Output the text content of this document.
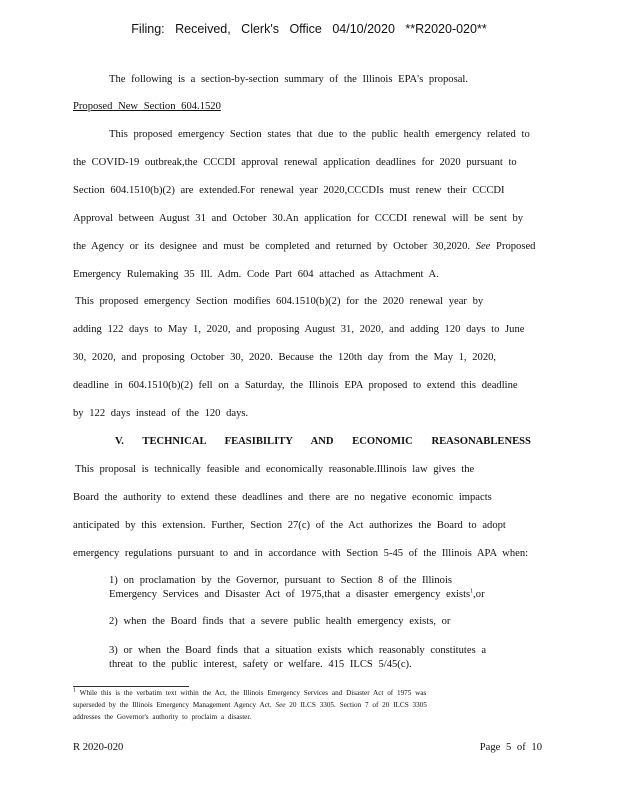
Filing: Received, Clerk's Office 04/10/2020 **R2020-020**
The following is a section-by-section summary of the Illinois EPA's proposal.
Proposed New Section 604.1520
This proposed emergency Section states that due to the public health emergency related to
the COVID-19 outbreak,the CCCDI approval renewal application deadlines for 2020 pursuant to
Section 604.1510(b)(2) are extended.For renewal year 2020,CCCDIs must renew their CCCDI
Approval between August 31 and October 30.An application for CCCDI renewal will be sent by
the Agency or its designee and must be completed and returned by October 30,2020. See Proposed
Emergency Rulemaking 35 Ill. Adm. Code Part 604 attached as Attachment A.
This proposed emergency Section modifies 604.1510(b)(2) for the 2020 renewal year by
adding 122 days to May 1, 2020, and proposing August 31, 2020, and adding 120 days to June
30, 2020, and proposing October 30, 2020. Because the 120th day from the May 1, 2020,
deadline in 604.1510(b)(2) fell on a Saturday, the Illinois EPA proposed to extend this deadline
by 122 days instead of the 120 days.
V. TECHNICAL FEASIBILITY AND ECONOMIC REASONABLENESS
This proposal is technically feasible and economically reasonable.Illinois law gives the
Board the authority to extend these deadlines and there are no negative economic impacts
anticipated by this extension. Further, Section 27(c) of the Act authorizes the Board to adopt
emergency regulations pursuant to and in accordance with Section 5-45 of the Illinois APA when:
1) on proclamation by the Governor, pursuant to Section 8 of the Illinois
Emergency Services and Disaster Act of 1975,that a disaster emergency exists$^1$,or
2) when the Board finds that a severe public health emergency exists, or
3) or when the Board finds that a situation exists which reasonably constitutes a
threat to the public interest, safety or welfare. 415 ILCS 5/45(c).
$^1$ While this is the verbatim text within the Act, the Illinois Emergency Services and Disaster Act of 1975 was
superseded by the Illinois Emergency Management Agency Act. See 20 ILCS 3305. Section 7 of 20 ILCS 3305
addresses the Governor's authority to proclaim a disaster.
R 2020-020	Page 5 of 10
